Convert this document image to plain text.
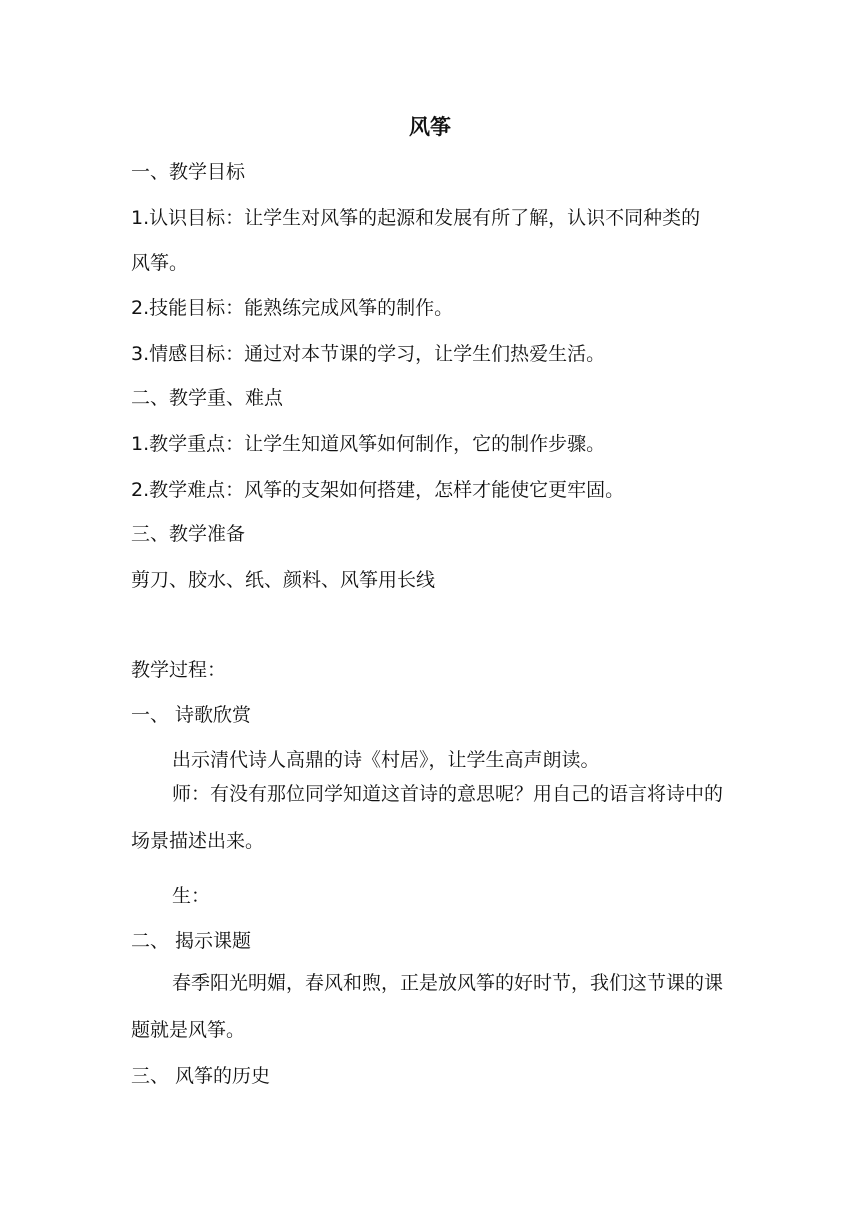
风筝
一、教学目标
1.认识目标：让学生对风筝的起源和发展有所了解，认识不同种类的
风筝。
2.技能目标：能熟练完成风筝的制作。
3.情感目标：通过对本节课的学习，让学生们热爱生活。
二、教学重、难点
1.教学重点：让学生知道风筝如何制作，它的制作步骤。
2.教学难点：风筝的支架如何搭建，怎样才能使它更牢固。
三、教学准备
剪刀、胶水、纸、颜料、风筝用长线
教学过程：
一、 诗歌欣赏
出示清代诗人高鼎的诗《村居》，让学生高声朗读。
师：有没有那位同学知道这首诗的意思呢？用自己的语言将诗中的场景描述出来。
生：
二、 揭示课题
春季阳光明媚，春风和煦，正是放风筝的好时节，我们这节课的课题就是风筝。
三、 风筝的历史
